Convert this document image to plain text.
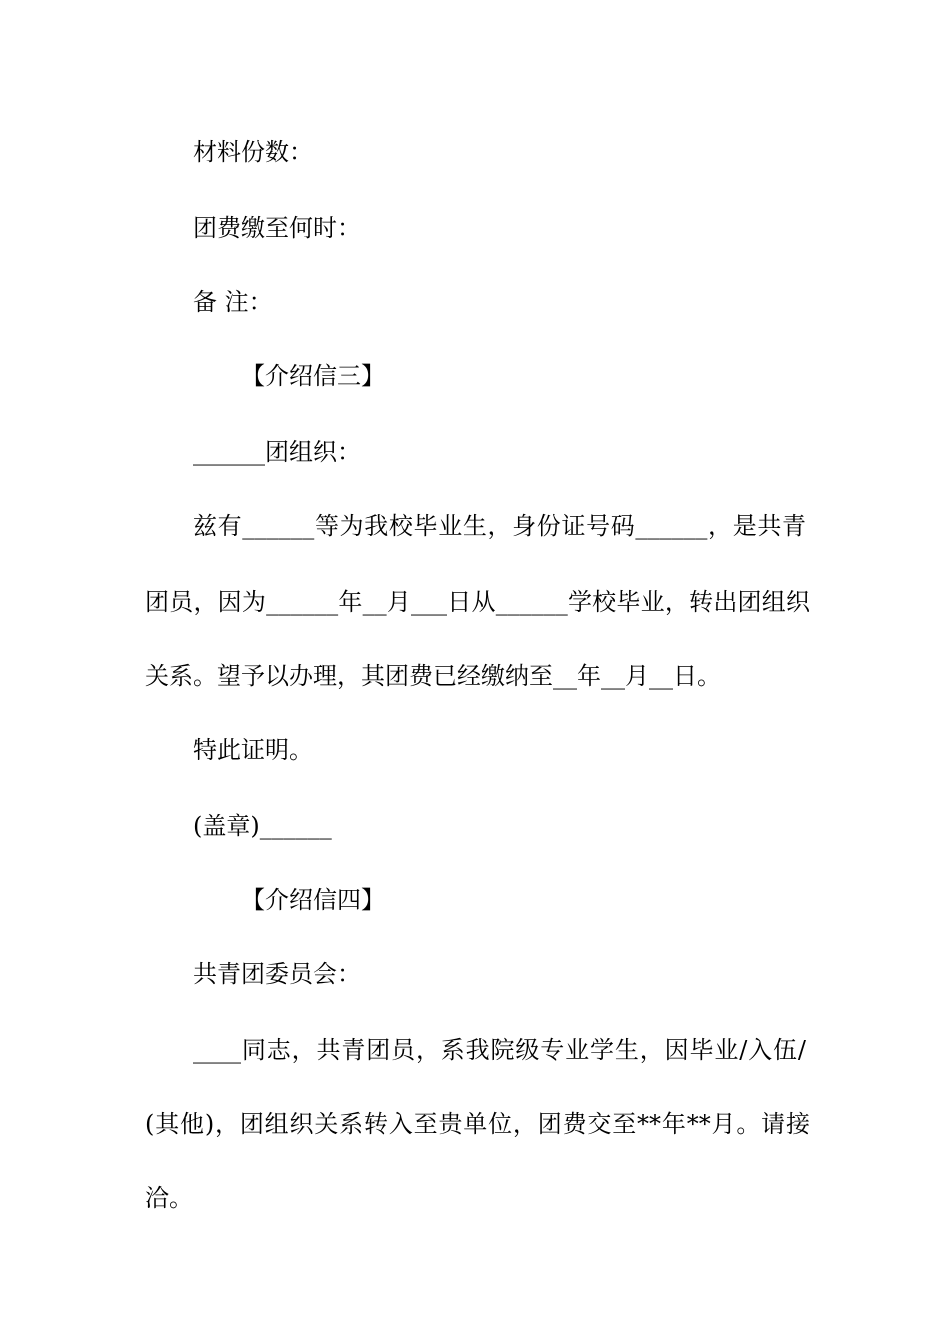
材料份数：
团费缴至何时：
备 注：
【介绍信三】
______团组织：
兹有______等为我校毕业生，身份证号码______，是共青
团员，因为______年__月___日从______学校毕业，转出团组织
关系。望予以办理，其团费已经缴纳至__年__月__日。
特此证明。
(盖章)______
【介绍信四】
共青团委员会：
____同志，共青团员，系我院级专业学生，因毕业/入伍/
(其他)，团组织关系转入至贵单位，团费交至**年**月。请接
洽。
